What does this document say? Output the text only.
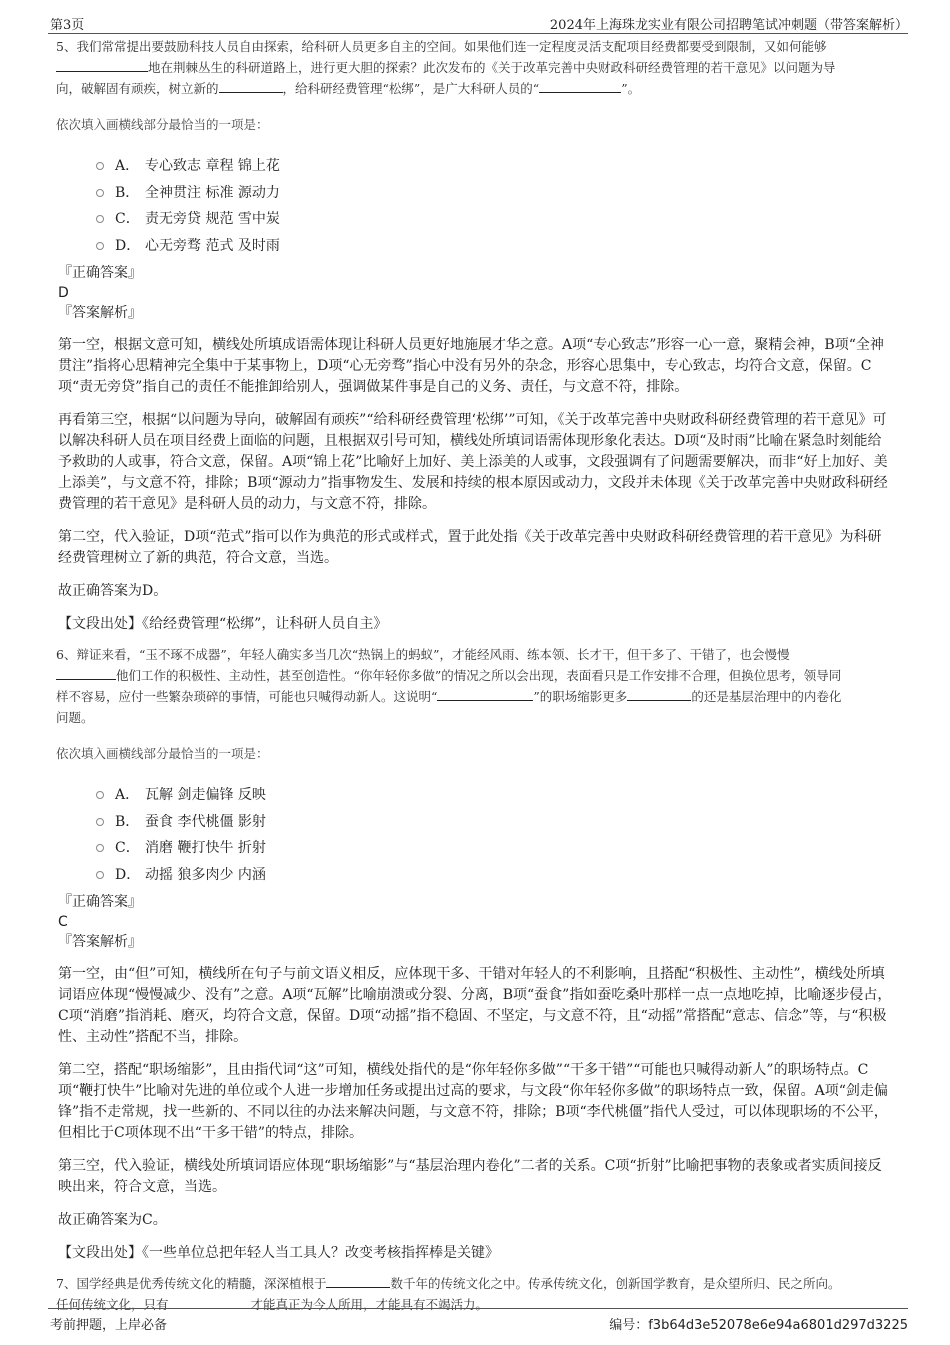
第3页	2024年上海珠龙实业有限公司招聘笔试冲刺题（带答案解析）

5、我们常常提出要鼓励科技人员自由探索，给科研人员更多自主的空间。如果他们连一定程度灵活支配项目经费都要受到限制，又如何能够

地在荆棘丛生的科研道路上，进行更大胆的探索？此次发布的《关于改革完善中央财政科研经费管理的若干意见》以问题为导

向，破解固有顽疾，树立新的	，给科研经费管理“松绑”，是广大科研人员的“	”。

依次填入画横线部分最恰当的一项是：
A． 专心致志 章程 锦上花
B． 全神贯注 标准 源动力
C． 责无旁贷 规范 雪中炭
D． 心无旁骛 范式 及时雨
『正确答案』
D
『答案解析』

第一空，根据文意可知，横线处所填成语需体现让科研人员更好地施展才华之意。A项“专心致志”形容一心一意，聚精会神，B项“全神贯注”指将心思精神完全集中于某事物上，D项“心无旁骛”指心中没有另外的杂念，形容心思集中，专心致志，均符合文意，保留。C项“责无旁贷”指自己的责任不能推卸给别人，强调做某件事是自己的义务、责任，与文意不符，排除。

再看第三空，根据“以问题为导向，破解固有顽疾”“给科研经费管理‘松绑’”可知，《关于改革完善中央财政科研经费管理的若干意见》可以解决科研人员在项目经费上面临的问题，且根据双引号可知，横线处所填词语需体现形象化表达。D项“及时雨”比喻在紧急时刻能给予救助的人或事，符合文意，保留。A项“锦上花”比喻好上加好、美上添美的人或事，文段强调有了问题需要解决，而非“好上加好、美上添美”，与文意不符，排除；B项“源动力”指事物发生、发展和持续的根本原因或动力，文段并未体现《关于改革完善中央财政科研经费管理的若干意见》是科研人员的动力，与文意不符，排除。

第二空，代入验证，D项“范式”指可以作为典范的形式或样式，置于此处指《关于改革完善中央财政科研经费管理的若干意见》为科研经费管理树立了新的典范，符合文意，当选。

故正确答案为D。

【文段出处】《给经费管理“松绑”，让科研人员自主》

6、辩证来看，“玉不琢不成器”，年轻人确实多当几次“热锅上的蚂蚁”，才能经风雨、练本领、长才干，但干多了、干错了，也会慢慢

他们工作的积极性、主动性，甚至创造性。“你年轻你多做”的情况之所以会出现，表面看只是工作安排不合理，但换位思考，领导同

样不容易，应付一些繁杂琐碎的事情，可能也只喊得动新人。这说明“	”的职场缩影更多	的还是基层治理中的内卷化

问题。

依次填入画横线部分最恰当的一项是：
A． 瓦解 剑走偏锋 反映
B． 蚕食 李代桃僵 影射
C． 消磨 鞭打快牛 折射
D． 动摇 狼多肉少 内涵
『正确答案』
C
『答案解析』

第一空，由“但”可知，横线所在句子与前文语义相反，应体现干多、干错对年轻人的不利影响，且搭配“积极性、主动性”，横线处所填词语应体现“慢慢减少、没有”之意。A项“瓦解”比喻崩溃或分裂、分离，B项“蚕食”指如蚕吃桑叶那样一点一点地吃掉，比喻逐步侵占，C项“消磨”指消耗、磨灭，均符合文意，保留。D项“动摇”指不稳固、不坚定，与文意不符，且“动摇”常搭配“意志、信念”等，与“积极性、主动性”搭配不当，排除。

第二空，搭配“职场缩影”，且由指代词“这”可知，横线处指代的是“你年轻你多做”“干多干错”“可能也只喊得动新人”的职场特点。C项“鞭打快牛”比喻对先进的单位或个人进一步增加任务或提出过高的要求，与文段“你年轻你多做”的职场特点一致，保留。A项“剑走偏锋”指不走常规，找一些新的、不同以往的办法来解决问题，与文意不符，排除；B项“李代桃僵”指代人受过，可以体现职场的不公平，但相比于C项体现不出“干多干错”的特点，排除。

第三空，代入验证，横线处所填词语应体现“职场缩影”与“基层治理内卷化”二者的关系。C项“折射”比喻把事物的表象或者实质间接反映出来，符合文意，当选。

故正确答案为C。

【文段出处】《一些单位总把年轻人当工具人？改变考核指挥棒是关键》

7、国学经典是优秀传统文化的精髓，深深植根于	数千年的传统文化之中。传承传统文化，创新国学教育，是众望所归、民之所向。

任何传统文化，只有	才能真正为今人所用，才能具有不竭活力。

考前押题，上岸必备	编号：f3b64d3e52078e6e94a6801d297d3225
